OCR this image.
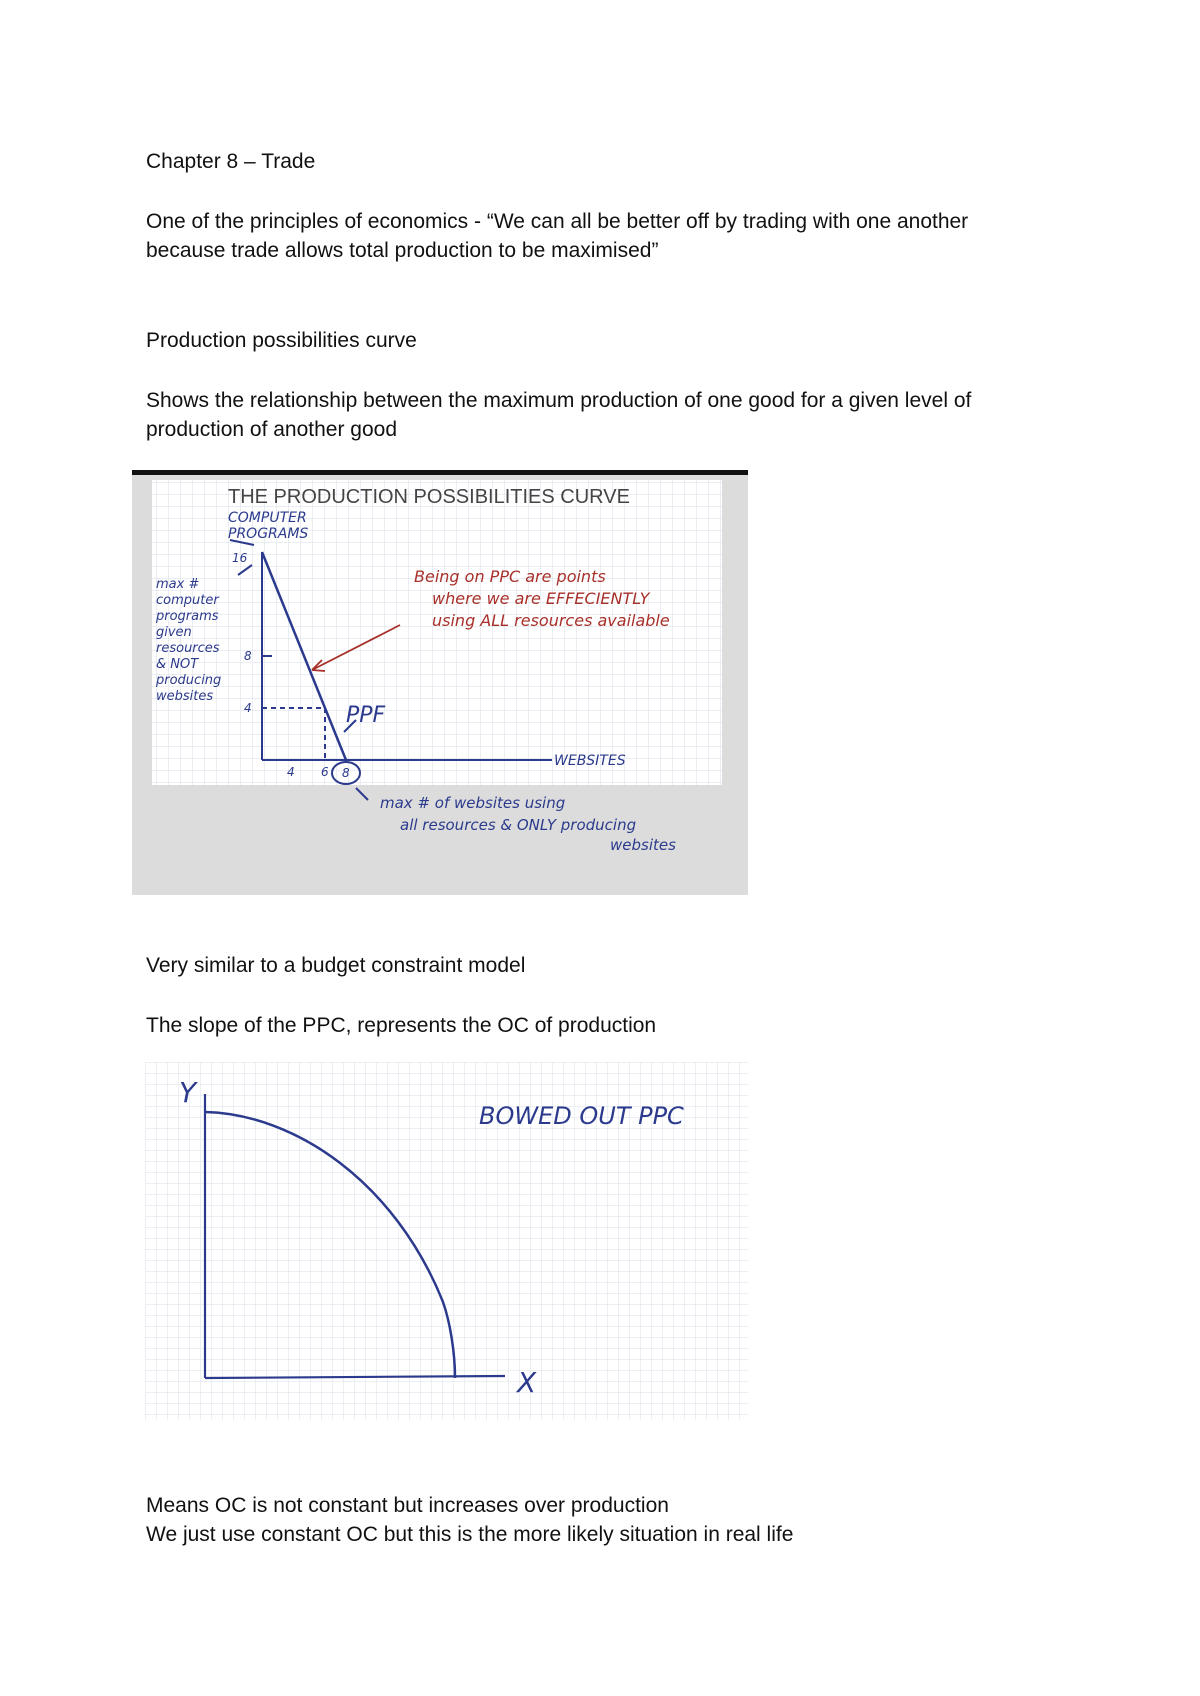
Chapter 8 – Trade

One of the principles of economics - “We can all be better off by trading with one another

because trade allows total production to be maximised”

Production possibilities curve

Shows the relationship between the maximum production of one good for a given level of

production of another good

THE PRODUCTION POSSIBILITIES CURVE
COMPUTER
PROGRAMS
WEBSITES
PPF
16
8
4
4 6 8
max #
computer
programs
given
resources
& NOT
producing
websites
Being on PPC are points
where we are EFFECIENTLY
using ALL resources available
max # of websites using
all resources & ONLY producing
websites

Very similar to a budget constraint model

The slope of the PPC, represents the OC of production

Y
X
BOWED OUT PPC

Means OC is not constant but increases over production

We just use constant OC but this is the more likely situation in real life
